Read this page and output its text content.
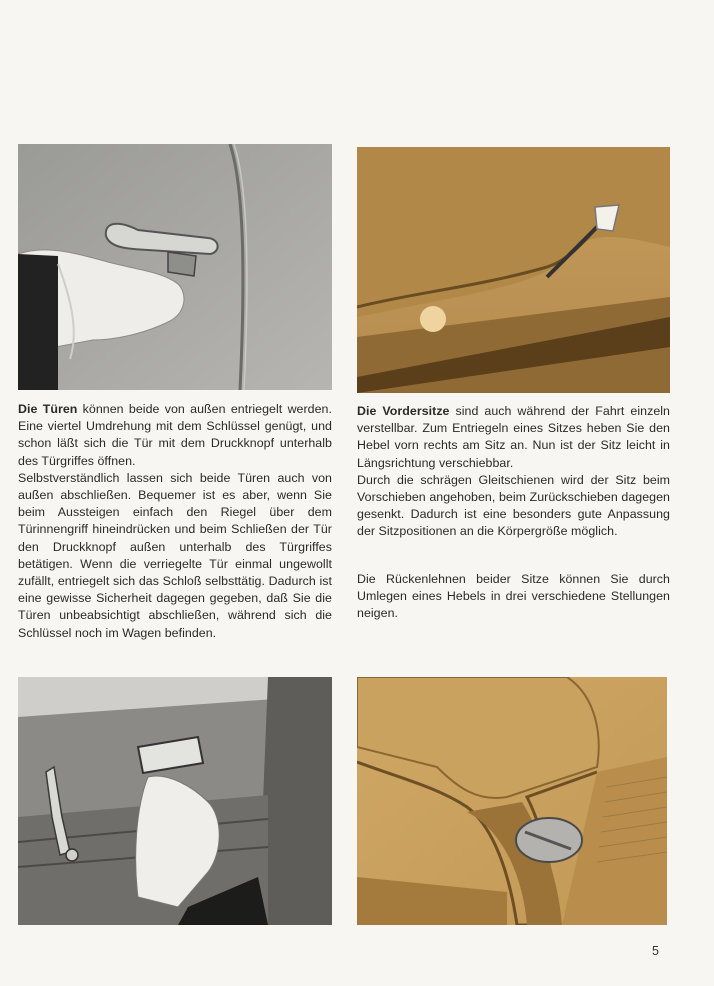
Die Türen können beide von außen entriegelt werden. Eine viertel Umdrehung mit dem Schlüssel genügt, und schon läßt sich die Tür mit dem Druckknopf unterhalb des Türgriffes öffnen.

Selbstverständlich lassen sich beide Türen auch von außen abschließen. Bequemer ist es aber, wenn Sie beim Aussteigen einfach den Riegel über dem Türinnengriff hineindrücken und beim Schließen der Tür den Druckknopf außen unterhalb des Türgriffes betätigen. Wenn die verriegelte Tür einmal ungewollt zufällt, entriegelt sich das Schloß selbsttätig. Dadurch ist eine gewisse Sicherheit dagegen gegeben, daß Sie die Türen unbeabsichtigt abschließen, während sich die Schlüssel noch im Wagen befinden.

Die Vordersitze sind auch während der Fahrt einzeln verstellbar. Zum Entriegeln eines Sitzes heben Sie den Hebel vorn rechts am Sitz an. Nun ist der Sitz leicht in Längsrichtung verschiebbar.

Durch die schrägen Gleitschienen wird der Sitz beim Vorschieben angehoben, beim Zurückschieben dagegen gesenkt. Dadurch ist eine besonders gute Anpassung der Sitzpositionen an die Körpergröße möglich.

Die Rückenlehnen beider Sitze können Sie durch Umlegen eines Hebels in drei verschiedene Stellungen neigen.

5
